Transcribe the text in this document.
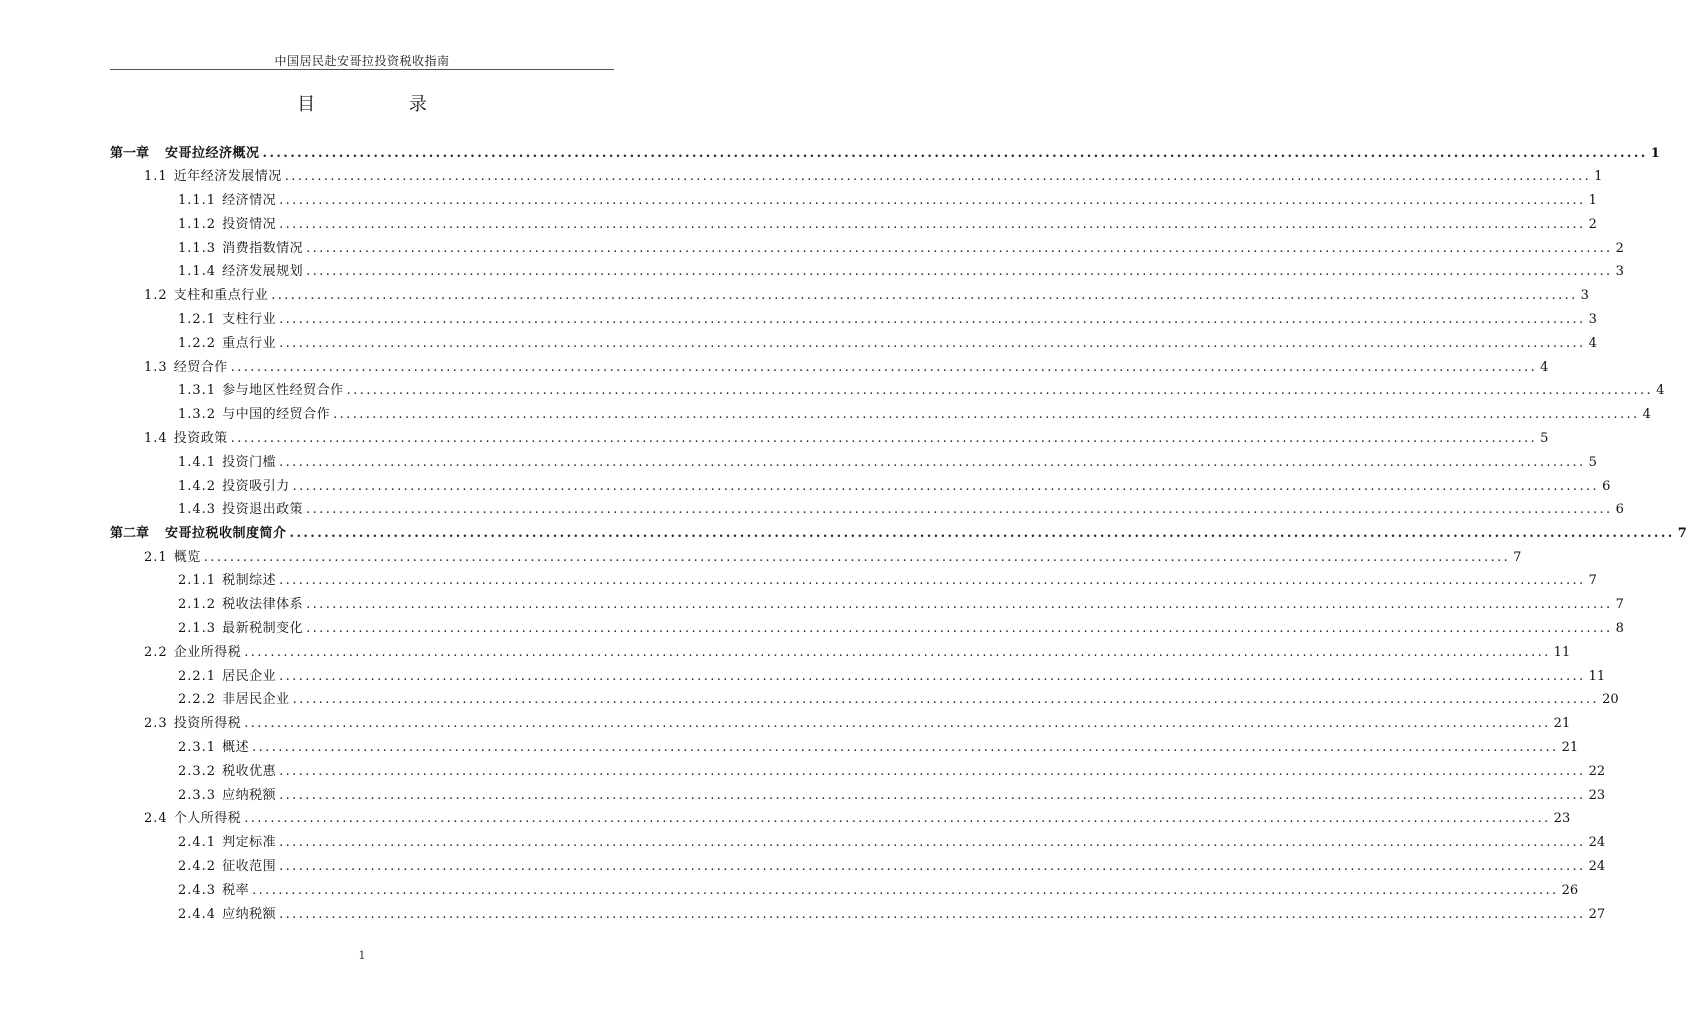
中国居民赴安哥拉投资税收指南
目 录
第一章 安哥拉经济概况 ........................................................................................................................................................................................................ 1
1.1 近年经济发展情况 ........................................................................................................................................................................................................ 1
1.1.1 经济情况 ........................................................................................................................................................................................................ 1
1.1.2 投资情况 ........................................................................................................................................................................................................ 2
1.1.3 消费指数情况 ........................................................................................................................................................................................................ 2
1.1.4 经济发展规划 ........................................................................................................................................................................................................ 3
1.2 支柱和重点行业 ........................................................................................................................................................................................................ 3
1.2.1 支柱行业 ........................................................................................................................................................................................................ 3
1.2.2 重点行业 ........................................................................................................................................................................................................ 4
1.3 经贸合作 ........................................................................................................................................................................................................ 4
1.3.1 参与地区性经贸合作 ........................................................................................................................................................................................................ 4
1.3.2 与中国的经贸合作 ........................................................................................................................................................................................................ 4
1.4 投资政策 ........................................................................................................................................................................................................ 5
1.4.1 投资门槛 ........................................................................................................................................................................................................ 5
1.4.2 投资吸引力 ........................................................................................................................................................................................................ 6
1.4.3 投资退出政策 ........................................................................................................................................................................................................ 6
第二章 安哥拉税收制度简介 ........................................................................................................................................................................................................ 7
2.1 概览 ........................................................................................................................................................................................................ 7
2.1.1 税制综述 ........................................................................................................................................................................................................ 7
2.1.2 税收法律体系 ........................................................................................................................................................................................................ 7
2.1.3 最新税制变化 ........................................................................................................................................................................................................ 8
2.2 企业所得税 ........................................................................................................................................................................................................ 11
2.2.1 居民企业 ........................................................................................................................................................................................................ 11
2.2.2 非居民企业 ........................................................................................................................................................................................................ 20
2.3 投资所得税 ........................................................................................................................................................................................................ 21
2.3.1 概述 ........................................................................................................................................................................................................ 21
2.3.2 税收优惠 ........................................................................................................................................................................................................ 22
2.3.3 应纳税额 ........................................................................................................................................................................................................ 23
2.4 个人所得税 ........................................................................................................................................................................................................ 23
2.4.1 判定标准 ........................................................................................................................................................................................................ 24
2.4.2 征收范围 ........................................................................................................................................................................................................ 24
2.4.3 税率 ........................................................................................................................................................................................................ 26
2.4.4 应纳税额 ........................................................................................................................................................................................................ 27
1
